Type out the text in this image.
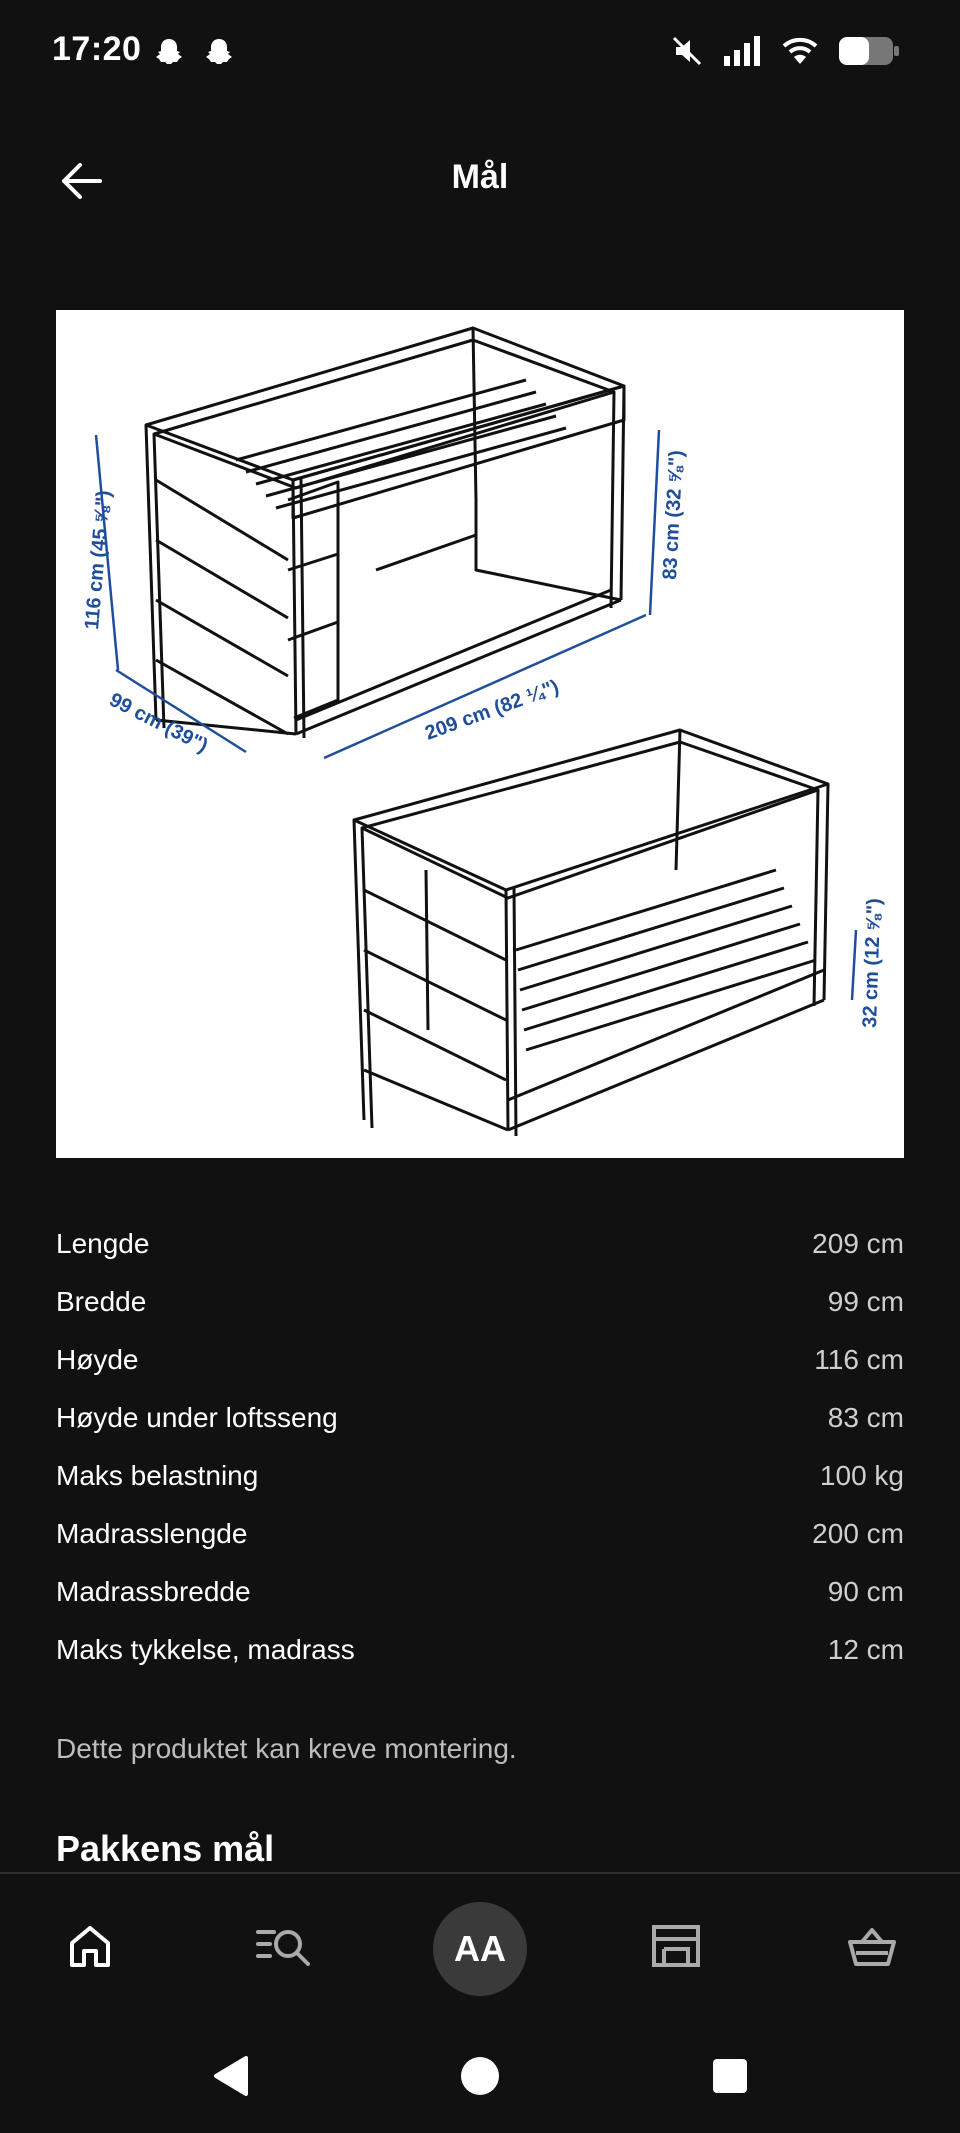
17:20
Mål
116 cm (45 ⅝")
99 cm (39")	209 cm (82 ¼")
83 cm (32 ⅝")
32 cm (12 ⅝")
Lengde	209 cm
Bredde	99 cm
Høyde	116 cm
Høyde under loftsseng	83 cm
Maks belastning	100 kg
Madrasslengde	200 cm
Madrassbredde	90 cm
Maks tykkelse, madrass	12 cm
Dette produktet kan kreve montering.
Pakkens mål
AA
